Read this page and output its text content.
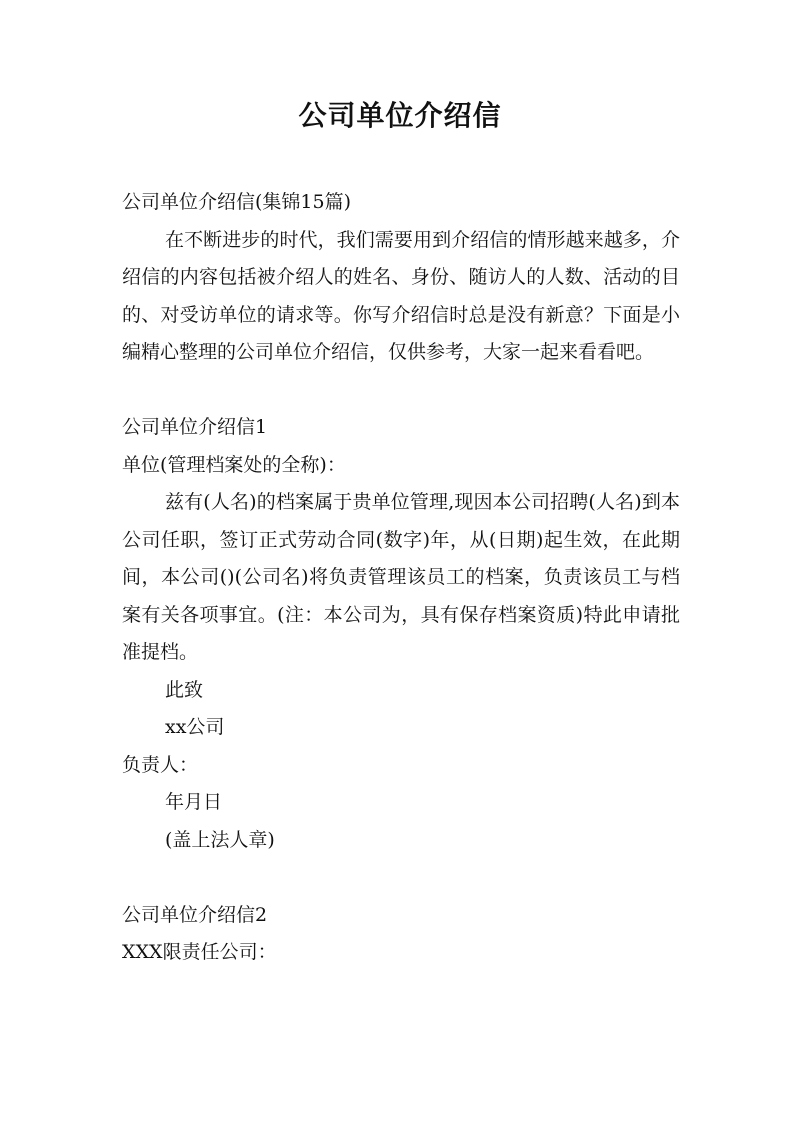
公司单位介绍信

公司单位介绍信(集锦15篇)

在不断进步的时代，我们需要用到介绍信的情形越来越多，介绍信的内容包括被介绍人的姓名、身份、随访人的人数、活动的目的、对受访单位的请求等。你写介绍信时总是没有新意？下面是小编精心整理的公司单位介绍信，仅供参考，大家一起来看看吧。

公司单位介绍信1

单位(管理档案处的全称)：

兹有(人名)的档案属于贵单位管理,现因本公司招聘(人名)到本公司任职，签订正式劳动合同(数字)年，从(日期)起生效，在此期间，本公司()(公司名)将负责管理该员工的档案，负责该员工与档案有关各项事宜。(注：本公司为，具有保存档案资质)特此申请批准提档。

此致

xx公司

负责人：

年月日

(盖上法人章)

公司单位介绍信2

XXX限责任公司：
